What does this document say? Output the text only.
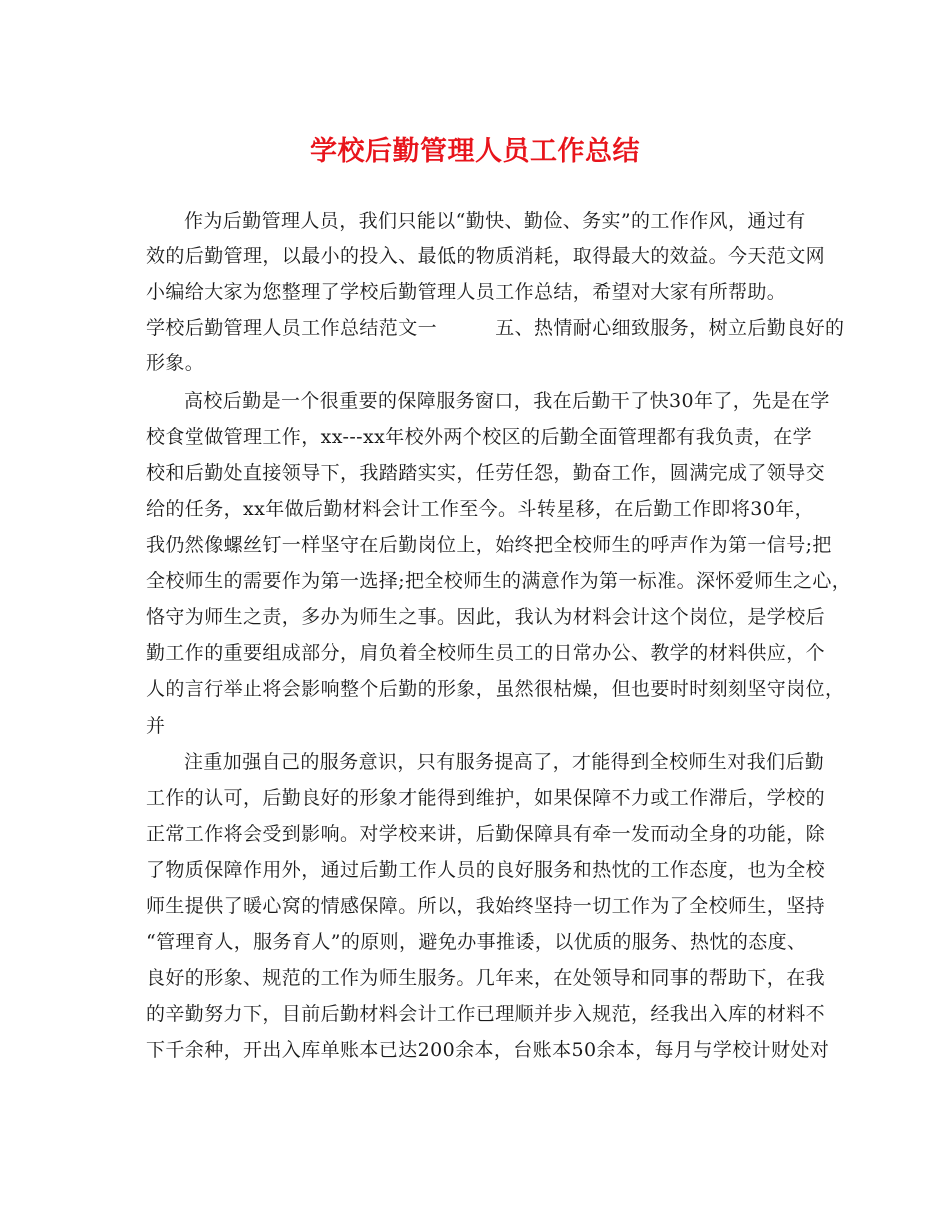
学校后勤管理人员工作总结
作为后勤管理人员，我们只能以“勤快、勤俭、务实”的工作作风，通过有
效的后勤管理，以最小的投入、最低的物质消耗，取得最大的效益。今天范文网
小编给大家为您整理了学校后勤管理人员工作总结，希望对大家有所帮助。
学校后勤管理人员工作总结范文一　　　五、热情耐心细致服务，树立后勤良好的
形象。
高校后勤是一个很重要的保障服务窗口，我在后勤干了快30年了，先是在学
校食堂做管理工作，xx---xx年校外两个校区的后勤全面管理都有我负责，在学
校和后勤处直接领导下，我踏踏实实，任劳任怨，勤奋工作，圆满完成了领导交
给的任务，xx年做后勤材料会计工作至今。斗转星移，在后勤工作即将30年，
我仍然像螺丝钉一样坚守在后勤岗位上，始终把全校师生的呼声作为第一信号;把
全校师生的需要作为第一选择;把全校师生的满意作为第一标准。深怀爱师生之心，
恪守为师生之责，多办为师生之事。因此，我认为材料会计这个岗位，是学校后
勤工作的重要组成部分，肩负着全校师生员工的日常办公、教学的材料供应，个
人的言行举止将会影响整个后勤的形象，虽然很枯燥，但也要时时刻刻坚守岗位，
并
注重加强自己的服务意识，只有服务提高了，才能得到全校师生对我们后勤
工作的认可，后勤良好的形象才能得到维护，如果保障不力或工作滞后，学校的
正常工作将会受到影响。对学校来讲，后勤保障具有牵一发而动全身的功能，除
了物质保障作用外，通过后勤工作人员的良好服务和热忱的工作态度，也为全校
师生提供了暖心窝的情感保障。所以，我始终坚持一切工作为了全校师生，坚持
“管理育人，服务育人”的原则，避免办事推诿，以优质的服务、热忱的态度、
良好的形象、规范的工作为师生服务。几年来，在处领导和同事的帮助下，在我
的辛勤努力下，目前后勤材料会计工作已理顺并步入规范，经我出入库的材料不
下千余种，开出入库单账本已达200余本，台账本50余本，每月与学校计财处对
